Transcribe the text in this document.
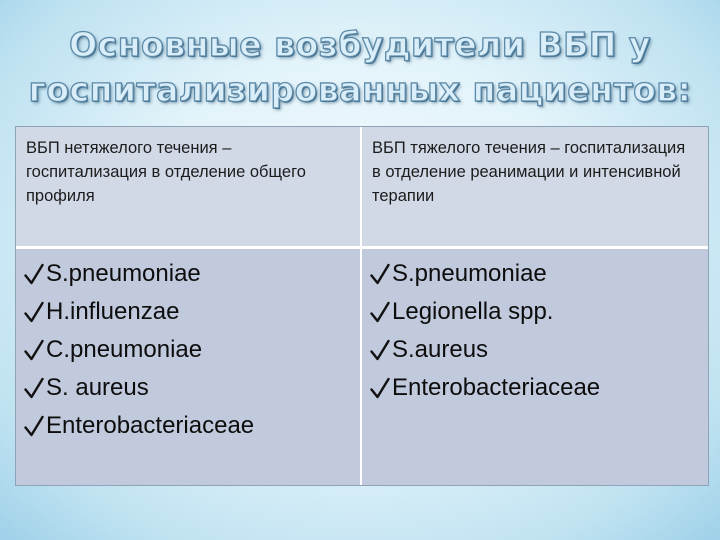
Основные возбудители ВБП у
госпитализированных пациентов:
ВБП нетяжелого течения – госпитализация в отделение общего профиля
ВБП тяжелого течения – госпитализация в отделение реанимации и интенсивной терапии
S.pneumoniae
H.influenzae
C.pneumoniae
S. aureus
Enterobacteriaceae
S.pneumoniae
Legionella spp.
S.aureus
Enterobacteriaceae
